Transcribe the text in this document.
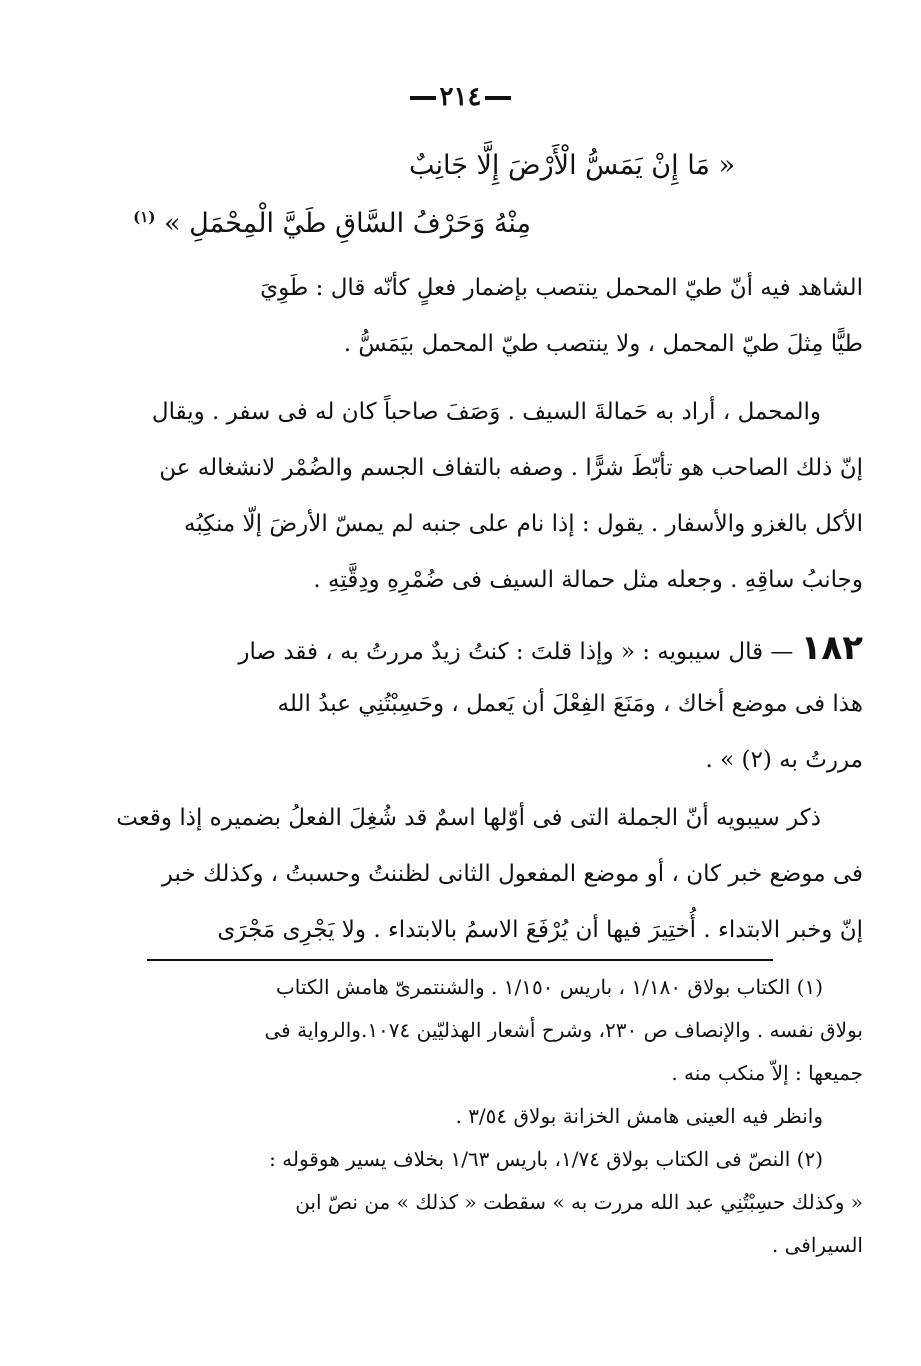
٢١٤
« مَا إِنْ يَمَسُّ الْأَرْضَ إِلَّا جَانِبٌ
مِنْهُ وَحَرْفُ السَّاقِ طَيَّ الْمِحْمَلِ » $^{(١)}$
الشاهد فيه أنّ طيّ المحمل ينتصب بإضمار فعلٍ كأنّه قال : طَوِيَ
طيًّا مِثلَ طيّ المحمل ، ولا ينتصب طيّ المحمل بيَمَسُّ .
والمحمل ، أراد به حَمالةَ السيف . وَصَفَ صاحباً كان له فى سفر . ويقال
إنّ ذلك الصاحب هو تأبّطَ شرًّا . وصفه بالتفاف الجسم والضُمْر لانشغاله عن
الأكل بالغزو والأسفار . يقول : إذا نام على جنبه لم يمسّ الأرضَ إلّا منكِبُه
وجانبُ ساقِهِ . وجعله مثل حمالة السيف فى ضُمْرِهِ ودِقَّتِهِ .
١٨٢ — قال سيبويه : « وإذا قلتَ : كنتُ زيدٌ مررتُ به ، فقد صار
هذا فى موضع أخاك ، ومَنَعَ الفِعْلَ أن يَعمل ، وحَسِبْتُنِي عبدُ الله
مررتُ به (٢) » .
ذكر سيبويه أنّ الجملة التى فى أوّلها اسمٌ قد شُغِلَ الفعلُ بضميره إذا وقعت
فى موضع خبر كان ، أو موضع المفعول الثانى لظننتُ وحسبتُ ، وكذلك خبر
إنّ وخبر الابتداء . أُختِيرَ فيها أن يُرْفَعَ الاسمُ بالابتداء . ولا يَجْرِى مَجْرَى
(١) الكتاب بولاق ١/١٨٠ ، باريس ١/١٥٠ . والشنتمرىّ هامش الكتاب
بولاق نفسه . والإنصاف ص ٢٣٠، وشرح أشعار الهذليّين ١٠٧٤.والرواية فى
جميعها : إلاّ منكب منه .
وانظر فيه العينى هامش الخزانة بولاق ٣/٥٤ .
(٢) النصّ فى الكتاب بولاق ١/٧٤، باريس ١/٦٣ بخلاف يسير هوقوله :
« وكذلك حسِبْتُنِي عبد الله مررت به » سقطت « كذلك » من نصّ ابن
السيرافى .
